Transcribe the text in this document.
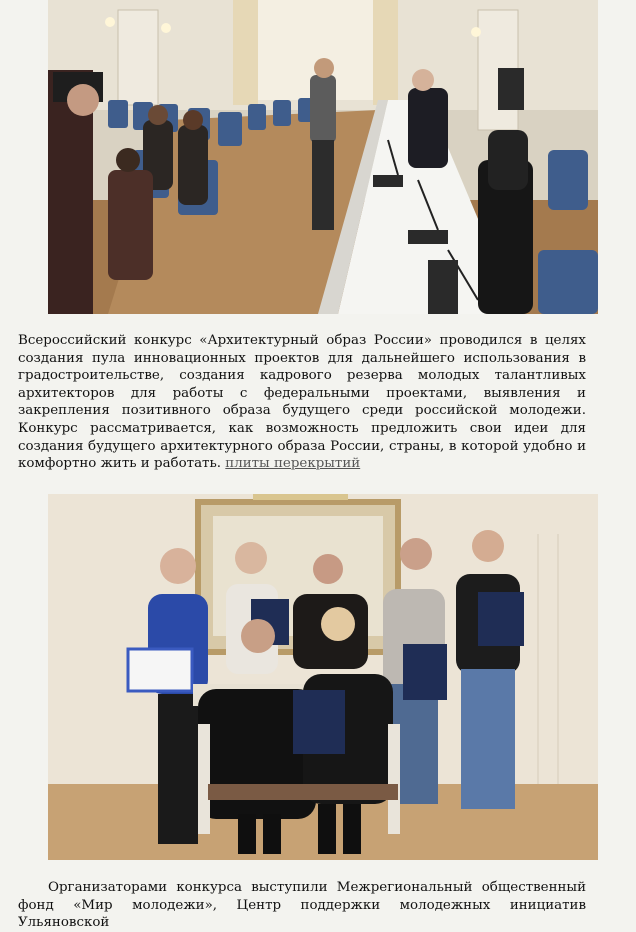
Всероссийский конкурс «Архитектурный образ России» проводился в целях создания пула инновационных проектов для дальнейшего использования в градостроительстве, создания кадрового резерва молодых талантливых архитекторов для работы с федеральными проектами, выявления и закрепления позитивного образа будущего среди российской молодежи. Конкурс рассматривается, как возможность предложить свои идеи для создания будущего архитектурного образа России, страны, в которой удобно и комфортно жить и работать. плиты перекрытий

Организаторами конкурса выступили Межрегиональный общественный фонд «Мир молодежи», Центр поддержки молодежных инициатив Ульяновской
